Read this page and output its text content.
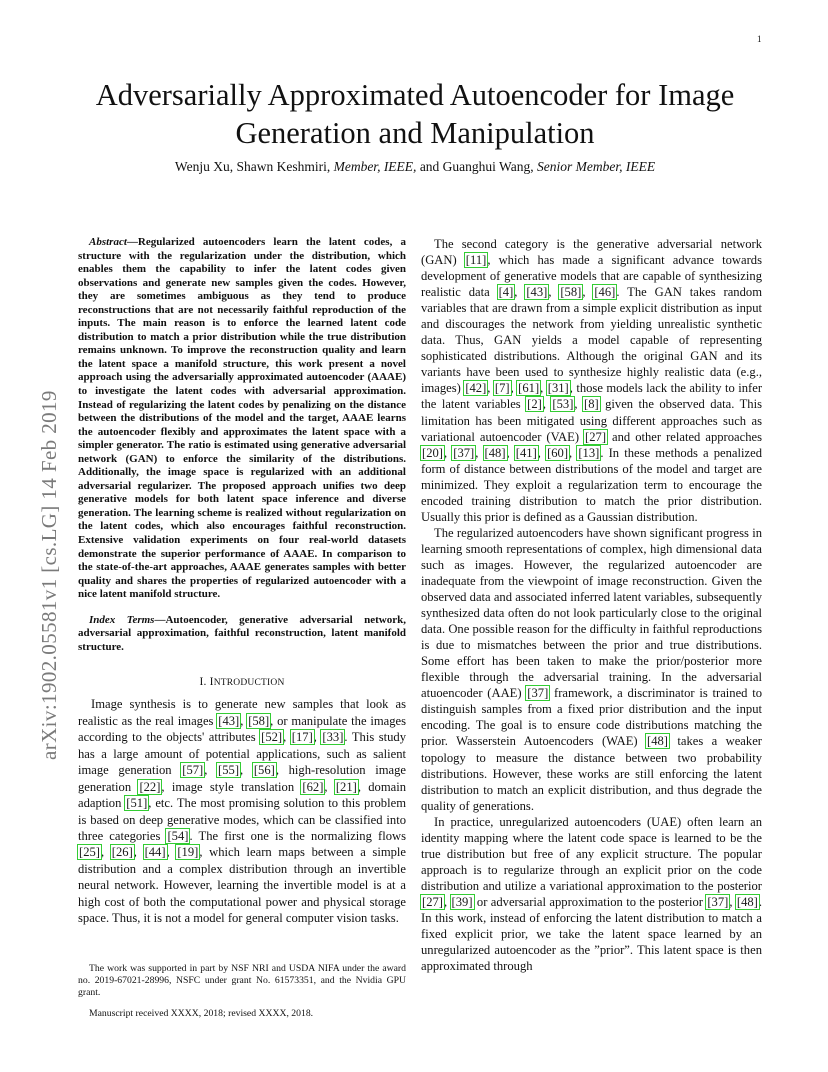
1
arXiv:1902.05581v1 [cs.LG] 14 Feb 2019
Adversarially Approximated Autoencoder for Image
Generation and Manipulation
Wenju Xu, Shawn Keshmiri, Member, IEEE, and Guanghui Wang, Senior Member, IEEE

Abstract—Regularized autoencoders learn the latent codes, a structure with the regularization under the distribution, which enables them the capability to infer the latent codes given observations and generate new samples given the codes. However, they are sometimes ambiguous as they tend to produce reconstructions that are not necessarily faithful reproduction of the inputs. The main reason is to enforce the learned latent code distribution to match a prior distribution while the true distribution remains unknown. To improve the reconstruction quality and learn the latent space a manifold structure, this work present a novel approach using the adversarially approximated autoencoder (AAAE) to investigate the latent codes with adversarial approximation. Instead of regularizing the latent codes by penalizing on the distance between the distributions of the model and the target, AAAE learns the autoencoder flexibly and approximates the latent space with a simpler generator. The ratio is estimated using generative adversarial network (GAN) to enforce the similarity of the distributions. Additionally, the image space is regularized with an additional adversarial regularizer. The proposed approach unifies two deep generative models for both latent space inference and diverse generation. The learning scheme is realized without regularization on the latent codes, which also encourages faithful reconstruction. Extensive validation experiments on four real-world datasets demonstrate the superior performance of AAAE. In comparison to the state-of-the-art approaches, AAAE generates samples with better quality and shares the properties of regularized autoencoder with a nice latent manifold structure.

Index Terms—Autoencoder, generative adversarial network, adversarial approximation, faithful reconstruction, latent manifold structure.

I. INTRODUCTION

Image synthesis is to generate new samples that look as realistic as the real images [43], [58], or manipulate the images according to the objects' attributes [52], [17], [33]. This study has a large amount of potential applications, such as salient image generation [57], [55], [56], high-resolution image generation [22], image style translation [62], [21], domain adaption [51], etc. The most promising solution to this problem is based on deep generative modes, which can be classified into three categories [54]. The first one is the normalizing flows [25], [26], [44], [19], which learn maps between a simple distribution and a complex distribution through an invertible neural network. However, learning the invertible model is at a high cost of both the computational power and physical storage space. Thus, it is not a model for general computer vision tasks.

The work was supported in part by NSF NRI and USDA NIFA under the award no. 2019-67021-28996, NSFC under grant No. 61573351, and the Nvidia GPU grant.

Manuscript received XXXX, 2018; revised XXXX, 2018.

The second category is the generative adversarial network (GAN) [11], which has made a significant advance towards development of generative models that are capable of synthesizing realistic data [4], [43], [58], [46]. The GAN takes random variables that are drawn from a simple explicit distribution as input and discourages the network from yielding unrealistic synthetic data. Thus, GAN yields a model capable of representing sophisticated distributions. Although the original GAN and its variants have been used to synthesize highly realistic data (e.g., images) [42], [7], [61], [31], those models lack the ability to infer the latent variables [2], [53], [8] given the observed data. This limitation has been mitigated using different approaches such as variational autoencoder (VAE) [27] and other related approaches [20], [37], [48], [41], [60], [13]. In these methods a penalized form of distance between distributions of the model and target are minimized. They exploit a regularization term to encourage the encoded training distribution to match the prior distribution. Usually this prior is defined as a Gaussian distribution.

The regularized autoencoders have shown significant progress in learning smooth representations of complex, high dimensional data such as images. However, the regularized autoencoder are inadequate from the viewpoint of image reconstruction. Given the observed data and associated inferred latent variables, subsequently synthesized data often do not look particularly close to the original data. One possible reason for the difficulty in faithful reproductions is due to mismatches between the prior and true distributions. Some effort has been taken to make the prior/posterior more flexible through the adversarial training. In the adversarial atuoencoder (AAE) [37] framework, a discriminator is trained to distinguish samples from a fixed prior distribution and the input encoding. The goal is to ensure code distributions matching the prior. Wasserstein Autoencoders (WAE) [48] takes a weaker topology to measure the distance between two probability distributions. However, these works are still enforcing the latent distribution to match an explicit distribution, and thus degrade the quality of generations.

In practice, unregularized autoencoders (UAE) often learn an identity mapping where the latent code space is learned to be the true distribution but free of any explicit structure. The popular approach is to regularize through an explicit prior on the code distribution and utilize a variational approximation to the posterior [27], [39] or adversarial approximation to the posterior [37], [48]. In this work, instead of enforcing the latent distribution to match a fixed explicit prior, we take the latent space learned by an unregularized autoencoder as the ”prior”. This latent space is then approximated through
